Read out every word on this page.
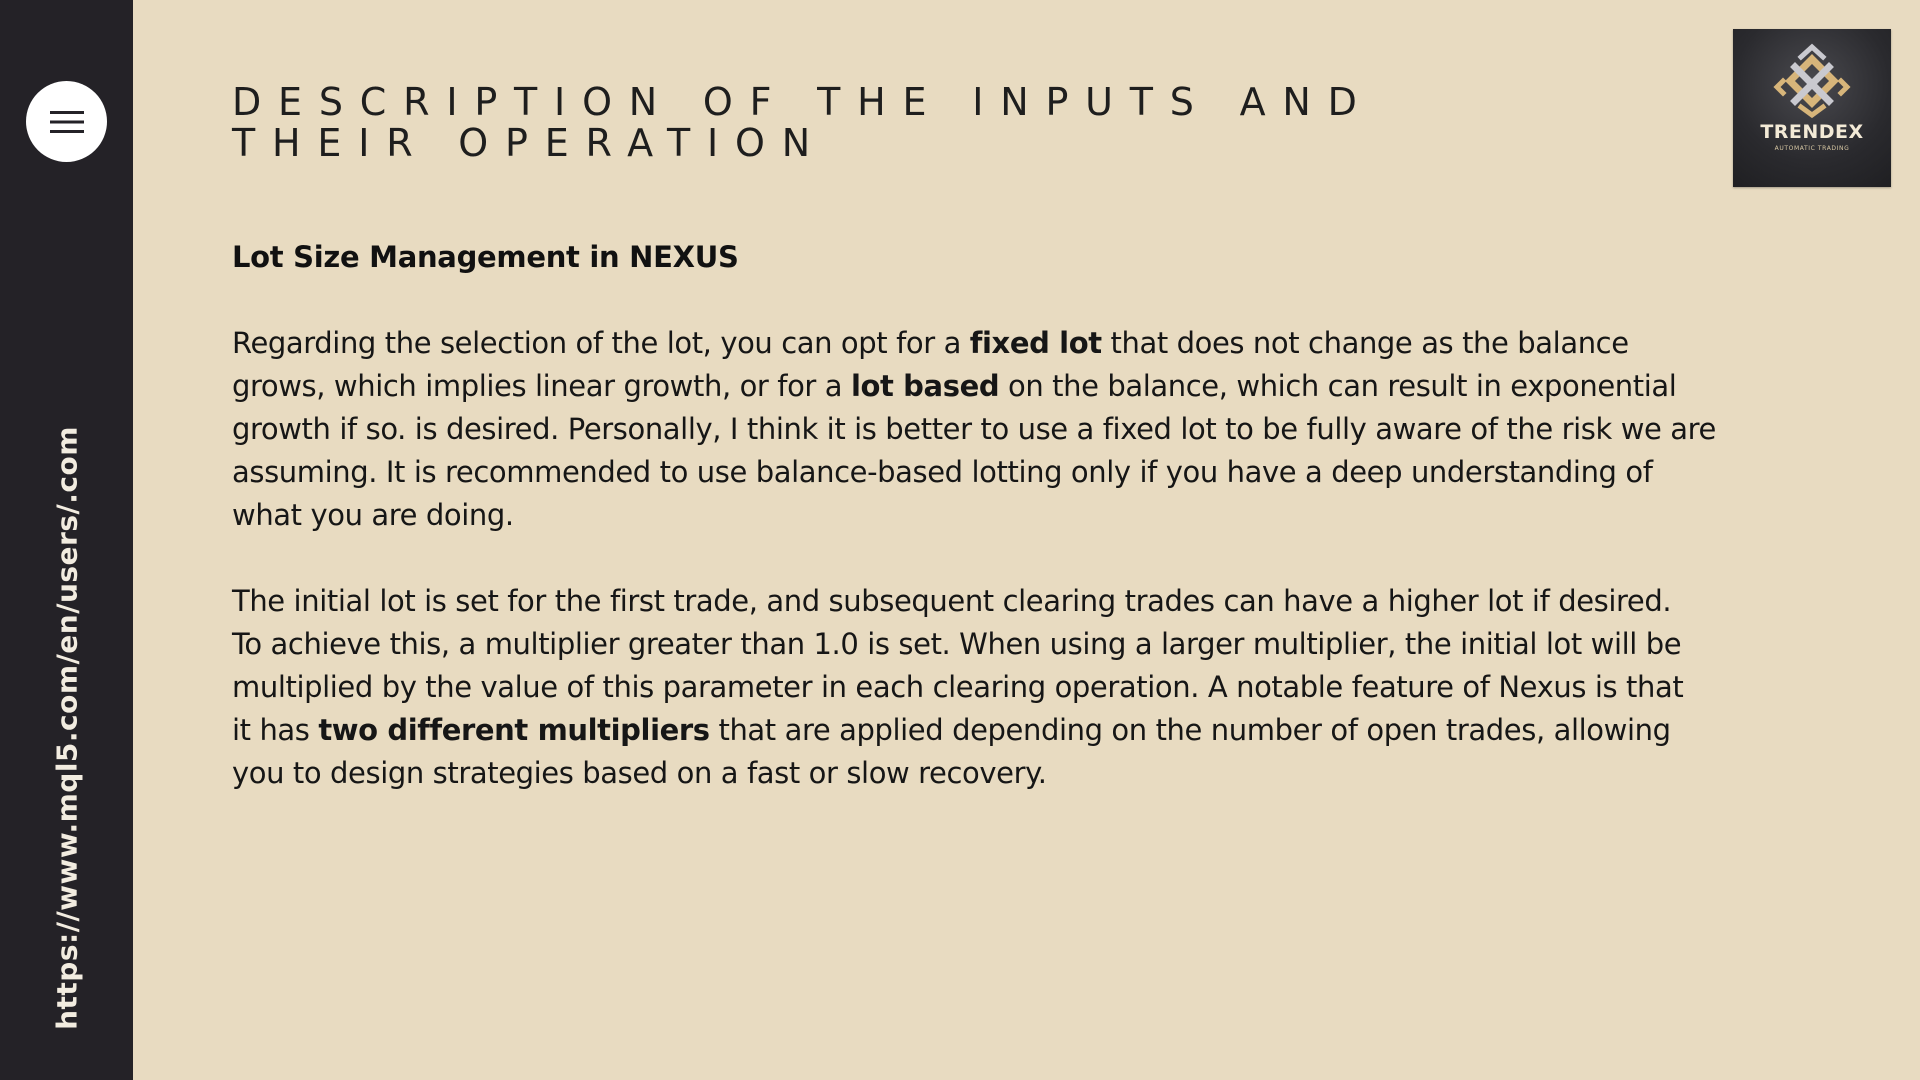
https://www.mql5.com/en/users/.com
DESCRIPTION OF THE INPUTS AND
THEIR OPERATION	TRENDEX
AUTOMATIC TRADING
Lot Size Management in NEXUS
Regarding the selection of the lot, you can opt for a fixed lot that does not change as the balance
grows, which implies linear growth, or for a lot based on the balance, which can result in exponential
growth if so. is desired. Personally, I think it is better to use a fixed lot to be fully aware of the risk we are
assuming. It is recommended to use balance-based lotting only if you have a deep understanding of
what you are doing.
The initial lot is set for the first trade, and subsequent clearing trades can have a higher lot if desired.
To achieve this, a multiplier greater than 1.0 is set. When using a larger multiplier, the initial lot will be
multiplied by the value of this parameter in each clearing operation. A notable feature of Nexus is that
it has two different multipliers that are applied depending on the number of open trades, allowing
you to design strategies based on a fast or slow recovery.
